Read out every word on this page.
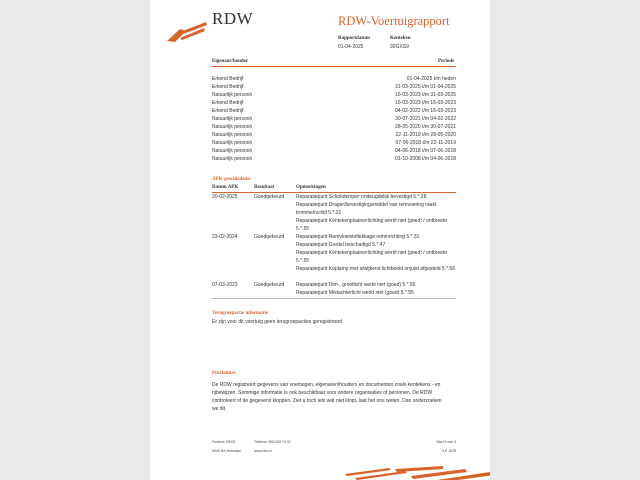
RDW	RDW-Voertuigrapport
Rapportdatum
01-04-2025
Kenteken
92GXS9
Eigenaar/houder	Periode
Erkend Bedrijf	01-04-2025 t/m heden
Erkend Bedrijf	31-03-2025 t/m 01-04-2025
Natuurlijk persoon	16-03-2023 t/m 31-03-2025
Erkend Bedrijf	16-03-2023 t/m 16-03-2023
Erkend Bedrijf	04-02-2022 t/m 16-03-2023
Natuurlijk persoon	30-07-2021 t/m 04-02-2022
Natuurlijk persoon	28-05-2020 t/m 30-07-2021
Natuurlijk persoon	22-11-2019 t/m 28-05-2020
Natuurlijk persoon	07-06-2018 t/m 22-11-2019
Natuurlijk persoon	04-06-2018 t/m 07-06-2018
Natuurlijk persoon	01-10-2008 t/m 04-06-2018
APK-geschiedenis
Datum APK	Resultaat	Opmerkingen
20-02-2025	Goedgekeurd Reparatiepunt Schokdemper ondeugdelijk bevestigd 5.*.28
Reparatiepunt Drager/bevestigingsmiddel van remvoering raakt trommel/schijf 5.*.31
Reparatiepunt Kentekenplaatverlichting werkt niet (goed) / ontbreekt 5.*.55
23-02-2024	Goedgekeurd Reparatiepunt Remvloeistoflekkage reminrichting 5.*.31
Reparatiepunt Gordel beschadigd 5.*.47
Reparatiepunt Kentekenplaatverlichting werkt niet (goed) / ontbreekt 5.*.55
Reparatiepunt Koplamp met afwijkend lichtbeeld onjuist afgesteld 5.*.56
07-03-2023	Goedgekeurd Reparatiepunt Dim-, grootlicht werkt niet (goed) 5.*.55
Reparatiepunt Mistachterlicht werkt niet (goed) 5.*.55
Terugroepactie informatie
Er zijn voor dit voertuig geen terugroepacties geregistreerd
Proclaimer
De RDW registreert gegevens van voertuigen, eigenaren/houders en documenten zoals kentekens - en
rijbewijzen. Sommige informatie is ook beschikbaar voor andere organisaties of personen. De RDW
controleert of de gegevens kloppen. Ziet u toch iets wat niet klopt, laat het ons weten. Dan onderzoeken
we dit.
Postbus 30000
9640 RA Veendam
Telefoon 088-008 74 47
www.rdw.nl
Blad 3 van 3
3 E 1678
